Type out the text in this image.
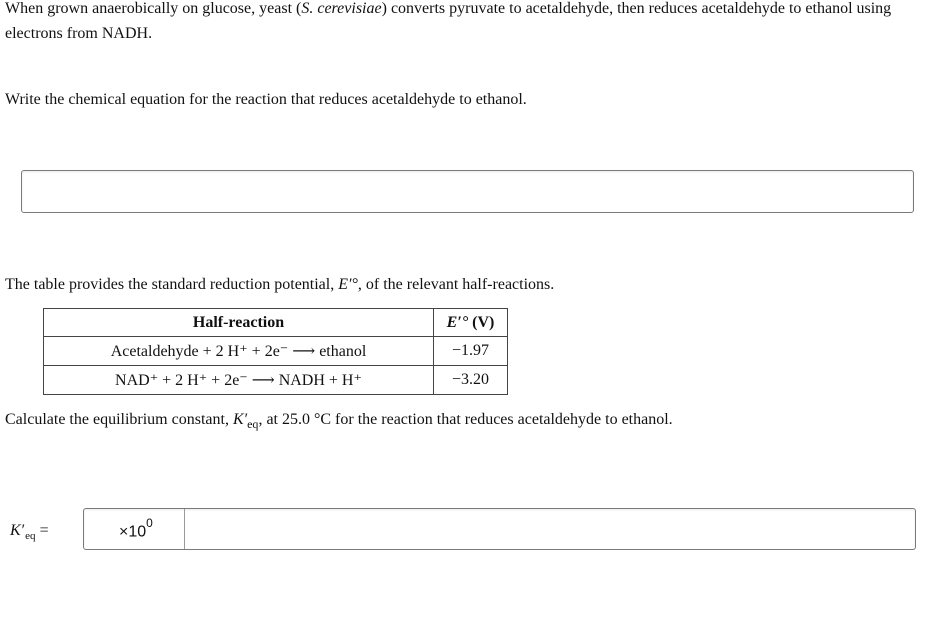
When grown anaerobically on glucose, yeast (S. cerevisiae) converts pyruvate to acetaldehyde, then reduces acetaldehyde to ethanol using electrons from NADH.
Write the chemical equation for the reaction that reduces acetaldehyde to ethanol.
The table provides the standard reduction potential, E′°, of the relevant half-reactions.
Half-reaction	E′° (V)
Acetaldehyde + 2 H⁺ + 2e⁻ ⟶ ethanol	−1.97
NAD⁺ + 2 H⁺ + 2e⁻ ⟶ NADH + H⁺	−3.20
Calculate the equilibrium constant, $K'_{eq}$, at 25.0 °C for the reaction that reduces acetaldehyde to ethanol.
$K'_{eq}$ =	$\times 10^0$
